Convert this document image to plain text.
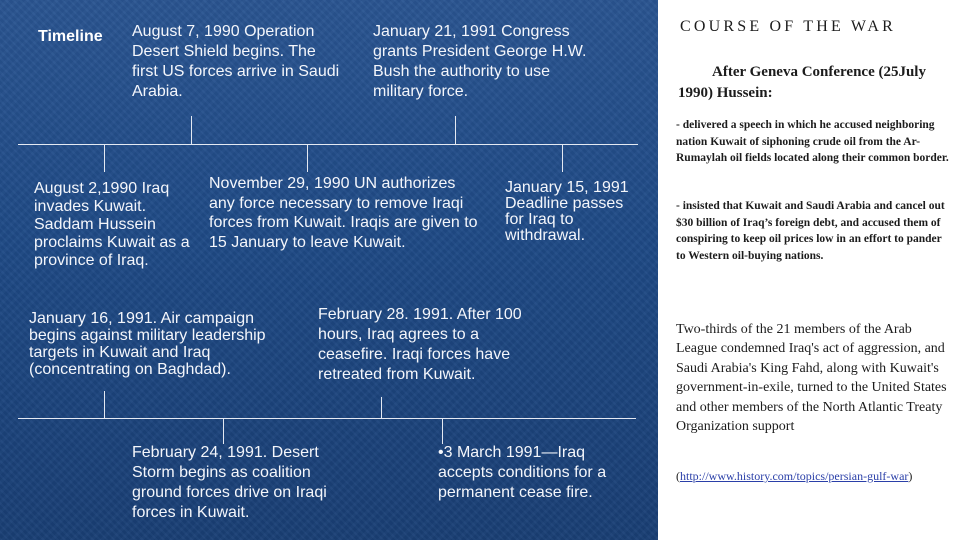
Timeline August 7, 1990 Operation Desert Shield begins. The first US forces arrive in Saudi Arabia.

January 21, 1991 Congress grants President George H.W. Bush the authority to use military force.

August 2,1990 Iraq invades Kuwait. Saddam Hussein proclaims Kuwait as a province of Iraq.

November 29, 1990 UN authorizes any force necessary to remove Iraqi forces from Kuwait. Iraqis are given to 15 January to leave Kuwait.

January 15, 1991 Deadline passes for Iraq to withdrawal.

January 16, 1991. Air campaign begins against military leadership targets in Kuwait and Iraq (concentrating on Baghdad).

February 28. 1991. After 100 hours, Iraq agrees to a ceasefire. Iraqi forces have retreated from Kuwait.

February 24, 1991. Desert Storm begins as coalition ground forces drive on Iraqi forces in Kuwait.

•3 March 1991—Iraq accepts conditions for a permanent cease fire.

COURSE OF THE WAR
After Geneva Conference (25July 1990) Hussein:

- delivered a speech in which he accused neighboring nation Kuwait of siphoning crude oil from the Ar-Rumaylah oil fields located along their common border.

- insisted that Kuwait and Saudi Arabia and cancel out $30 billion of Iraq’s foreign debt, and accused them of conspiring to keep oil prices low in an effort to pander to Western oil-buying nations.

Two-thirds of the 21 members of the Arab League condemned Iraq's act of aggression, and Saudi Arabia's King Fahd, along with Kuwait's government-in-exile, turned to the United States and other members of the North Atlantic Treaty Organization support

(http://www.history.com/topics/persian-gulf-war)
